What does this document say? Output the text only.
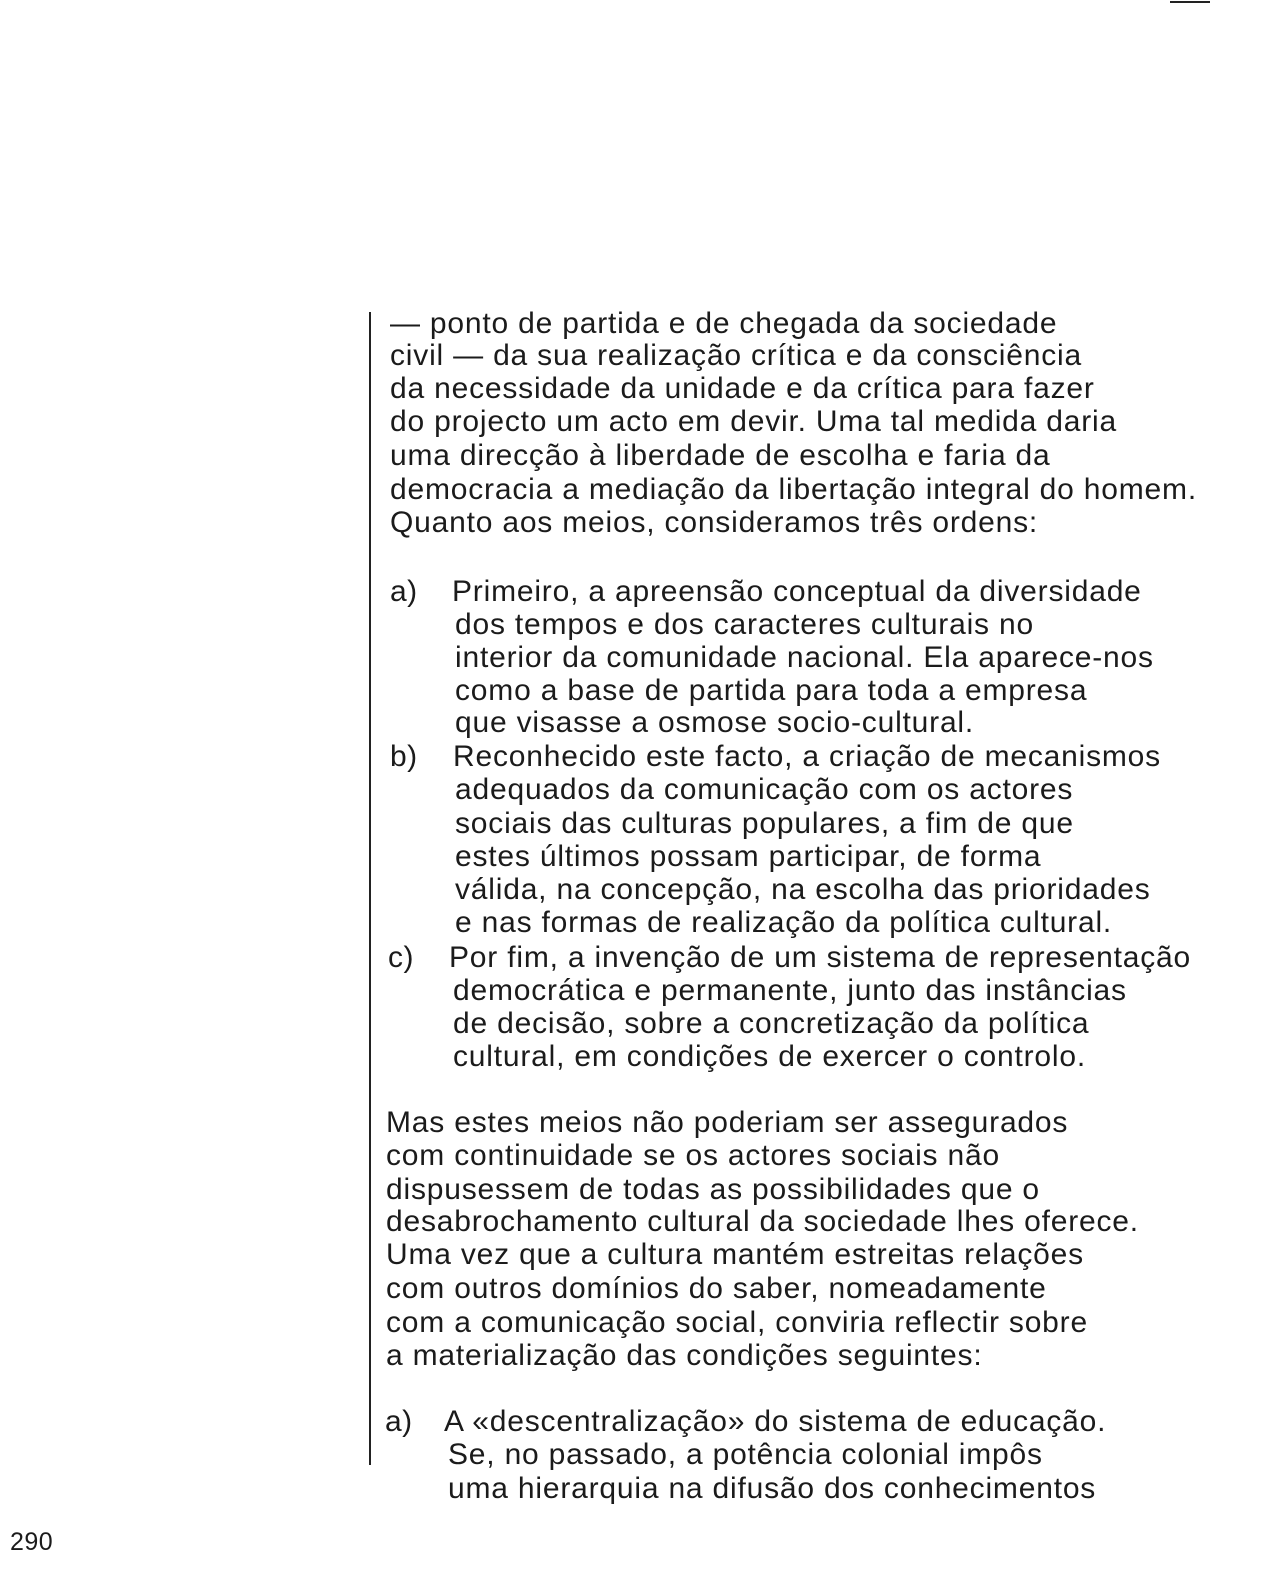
— ponto de partida e de chegada da sociedade
civil — da sua realização crítica e da consciência
da necessidade da unidade e da crítica para fazer
do projecto um acto em devir. Uma tal medida daria
uma direcção à liberdade de escolha e faria da
democracia a mediação da libertação integral do homem.
Quanto aos meios, consideramos três ordens:
a) Primeiro, a apreensão conceptual da diversidade
dos tempos e dos caracteres culturais no
interior da comunidade nacional. Ela aparece-nos
como a base de partida para toda a empresa
que visasse a osmose socio-cultural.
b) Reconhecido este facto, a criação de mecanismos
adequados da comunicação com os actores
sociais das culturas populares, a fim de que
estes últimos possam participar, de forma
válida, na concepção, na escolha das prioridades
e nas formas de realização da política cultural.
c) Por fim, a invenção de um sistema de representação
democrática e permanente, junto das instâncias
de decisão, sobre a concretização da política
cultural, em condições de exercer o controlo.
Mas estes meios não poderiam ser assegurados
com continuidade se os actores sociais não
dispusessem de todas as possibilidades que o
desabrochamento cultural da sociedade lhes oferece.
Uma vez que a cultura mantém estreitas relações
com outros domínios do saber, nomeadamente
com a comunicação social, conviria reflectir sobre
a materialização das condições seguintes:
a) A «descentralização» do sistema de educação.
Se, no passado, a potência colonial impôs
uma hierarquia na difusão dos conhecimentos
290
